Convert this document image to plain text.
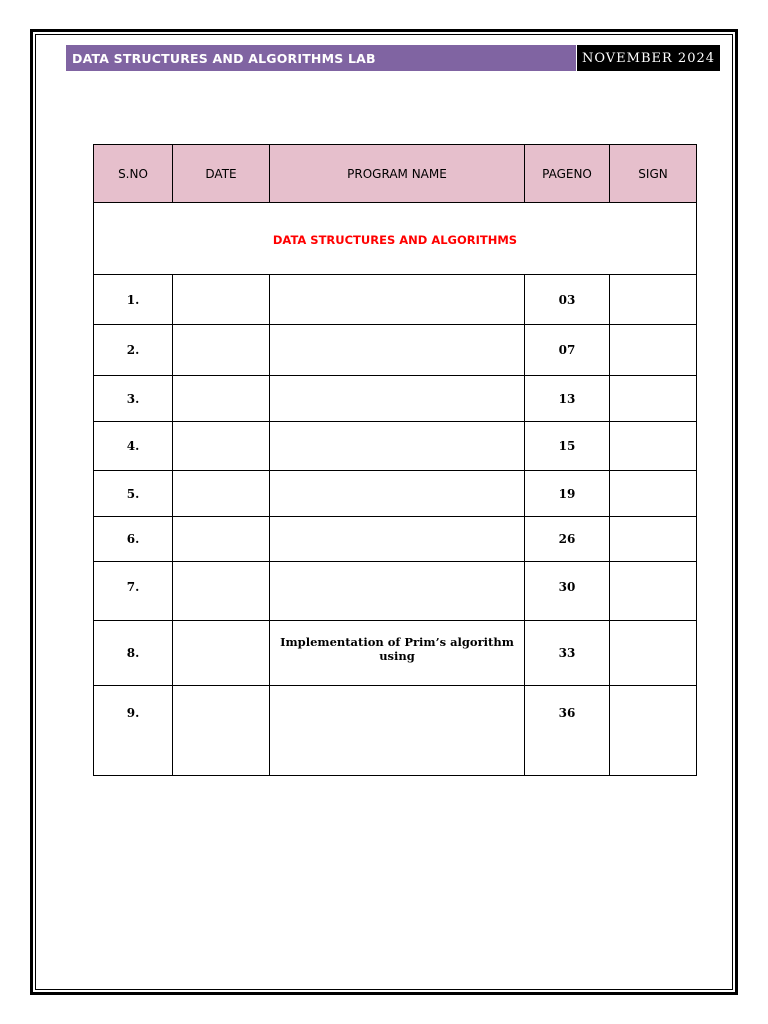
DATA STRUCTURES AND ALGORITHMS LAB	NOVEMBER 2024
S.NO	DATE	PROGRAM NAME	PAGENO	SIGN
DATA STRUCTURES AND ALGORITHMS				
1.			03	
2.			07	
3.			13	
4.			15	
5.			19	
6.			26	
7.			30	
8.		Implementation of Prim’s algorithm using	33	
9.			36	
